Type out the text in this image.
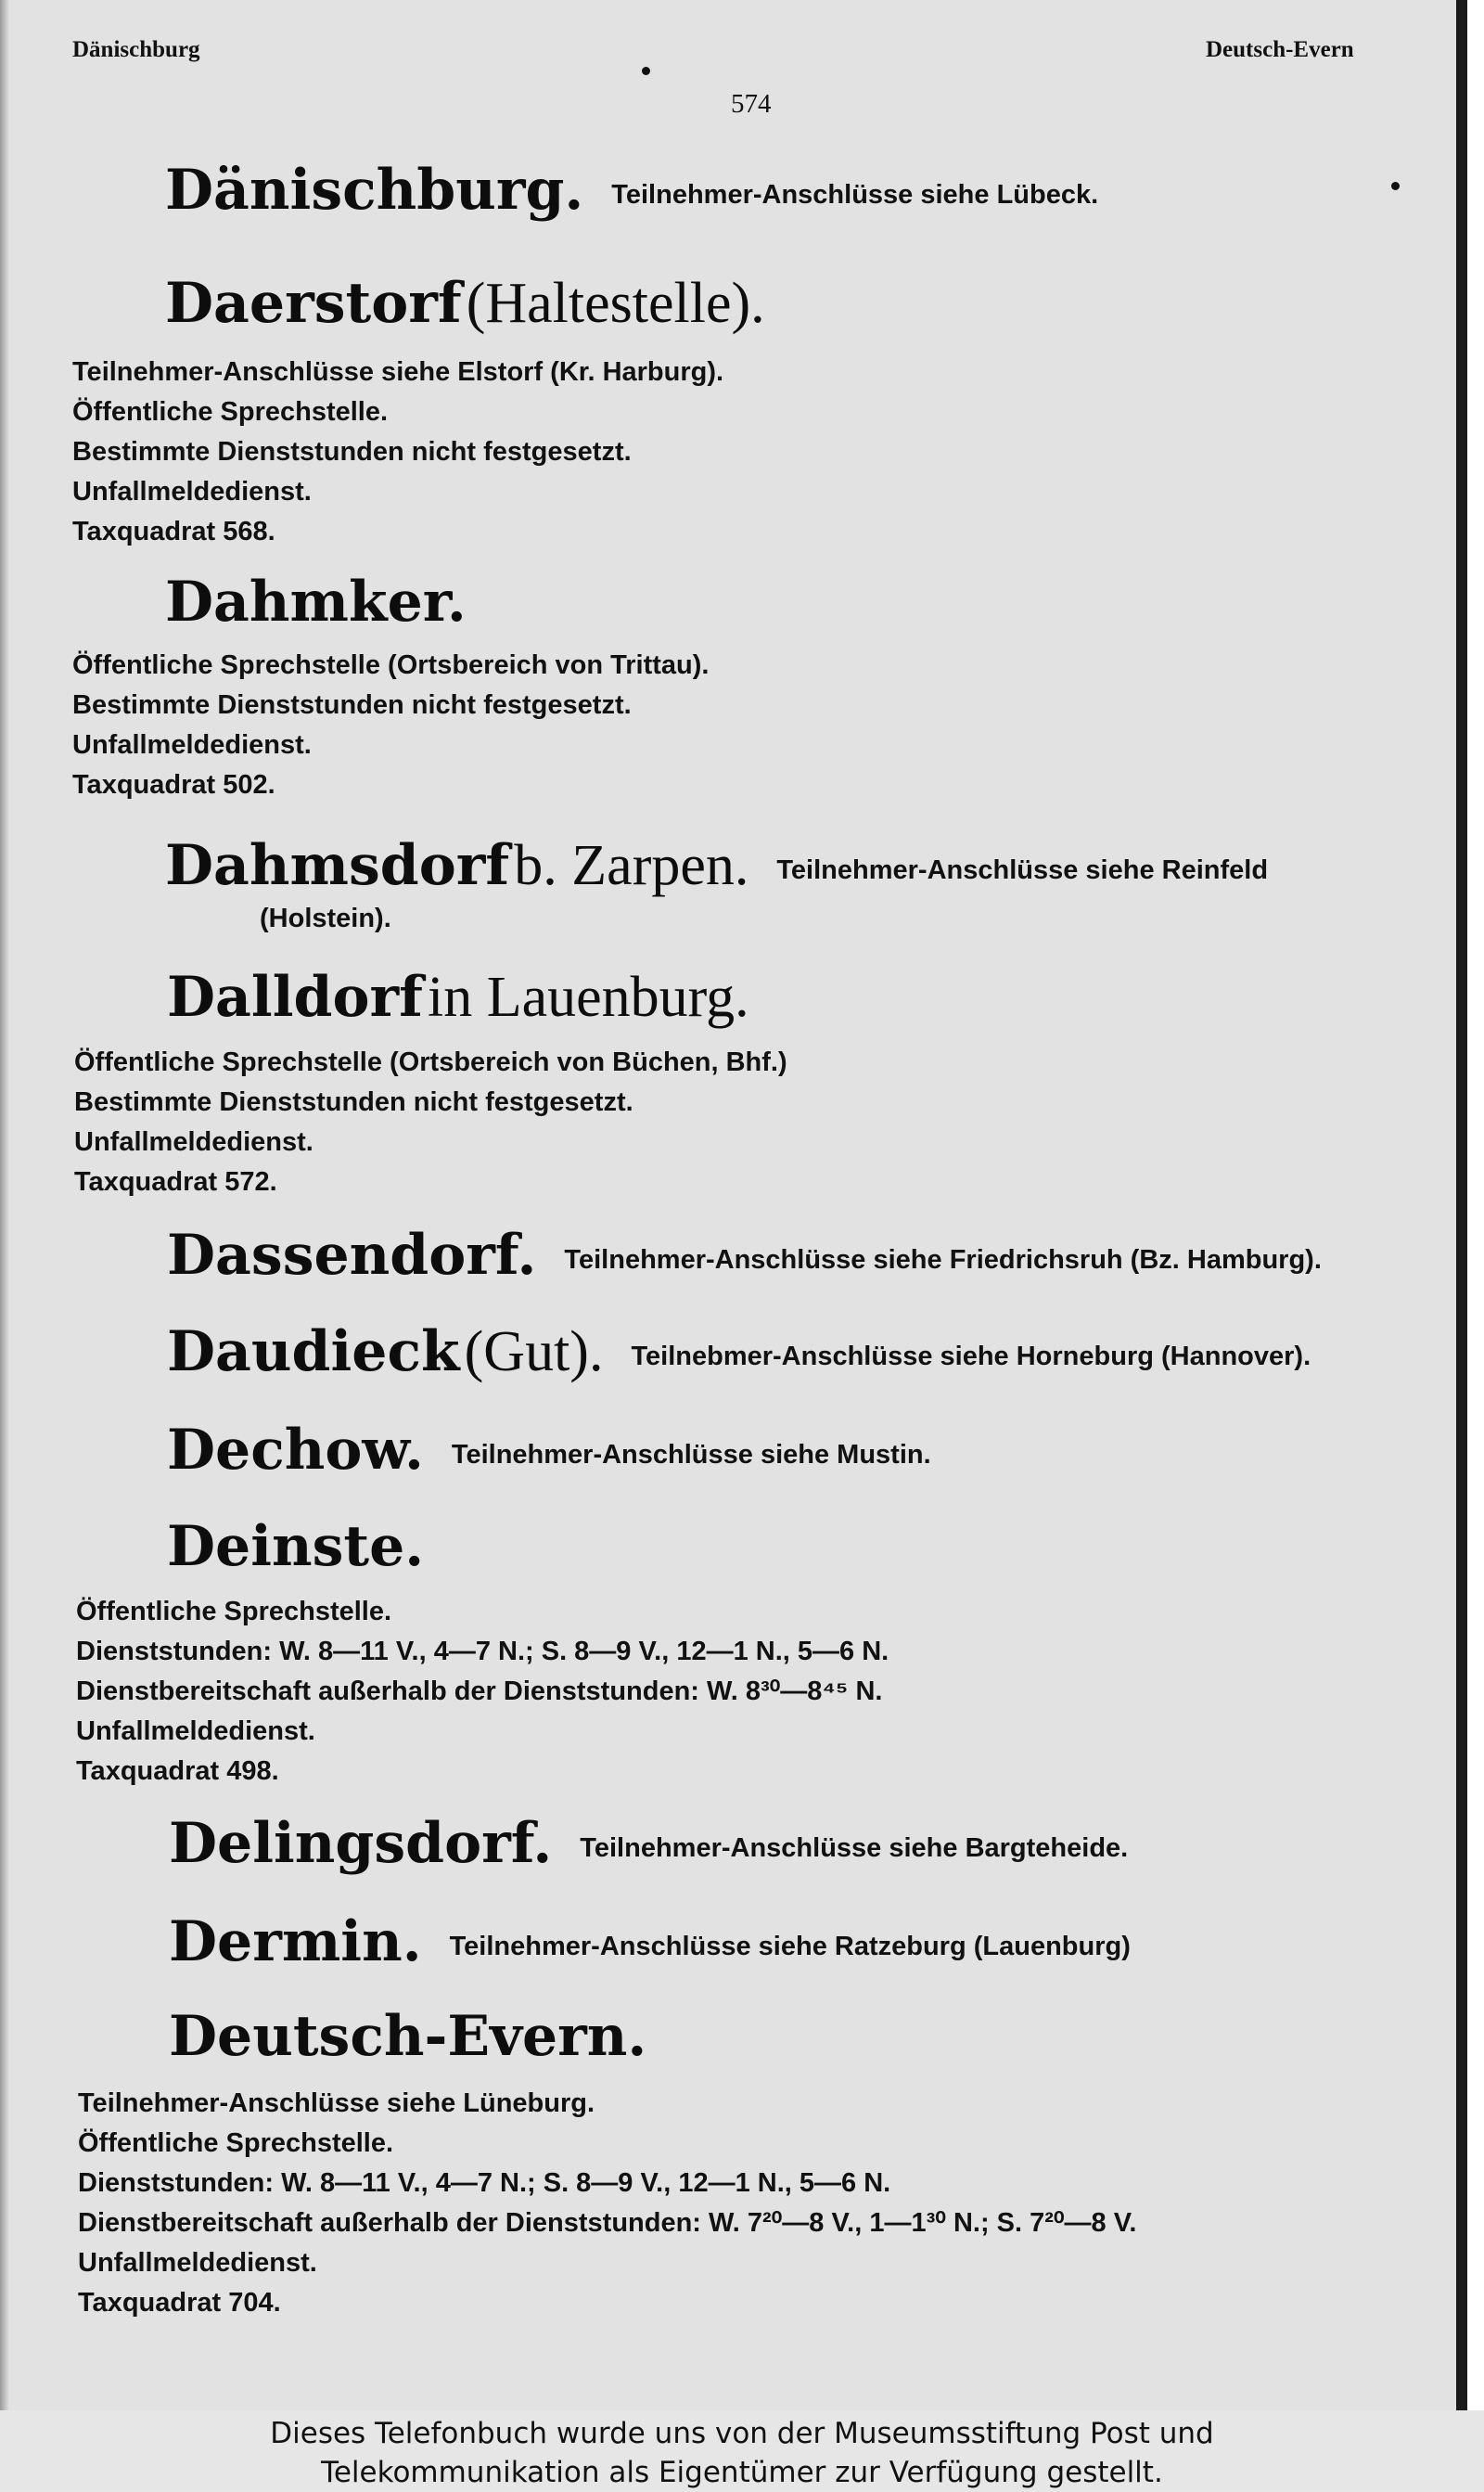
Dänischburg	Deutsch-Evern
574
Dänischburg. Teilnehmer-Anschlüsse siehe Lübeck.
Daerstorf (Haltestelle).
Teilnehmer-Anschlüsse siehe Elstorf (Kr. Harburg).
Öffentliche Sprechstelle.
Bestimmte Dienststunden nicht festgesetzt.
Unfallmeldedienst.
Taxquadrat 568.
Dahmker.
Öffentliche Sprechstelle (Ortsbereich von Trittau).
Bestimmte Dienststunden nicht festgesetzt.
Unfallmeldedienst.
Taxquadrat 502.
Dahmsdorf b. Zarpen. Teilnehmer-Anschlüsse siehe Reinfeld
(Holstein).
Dalldorf in Lauenburg.
Öffentliche Sprechstelle (Ortsbereich von Büchen, Bhf.)
Bestimmte Dienststunden nicht festgesetzt.
Unfallmeldedienst.
Taxquadrat 572.
Dassendorf. Teilnehmer-Anschlüsse siehe Friedrichsruh (Bz. Hamburg).
Daudieck (Gut). Teilnebmer-Anschlüsse siehe Horneburg (Hannover).
Dechow. Teilnehmer-Anschlüsse siehe Mustin.
Deinste.
Öffentliche Sprechstelle.
Dienststunden: W. 8—11 V., 4—7 N.; S. 8—9 V., 12—1 N., 5—6 N.
Dienstbereitschaft außerhalb der Dienststunden: W. 8³⁰—8⁴⁵ N.
Unfallmeldedienst.
Taxquadrat 498.
Delingsdorf. Teilnehmer-Anschlüsse siehe Bargteheide.
Dermin. Teilnehmer-Anschlüsse siehe Ratzeburg (Lauenburg)
Deutsch-Evern.
Teilnehmer-Anschlüsse siehe Lüneburg.
Öffentliche Sprechstelle.
Dienststunden: W. 8—11 V., 4—7 N.; S. 8—9 V., 12—1 N., 5—6 N.
Dienstbereitschaft außerhalb der Dienststunden: W. 7²⁰—8 V., 1—1³⁰ N.; S. 7²⁰—8 V.
Unfallmeldedienst.
Taxquadrat 704.
Dieses Telefonbuch wurde uns von der Museumsstiftung Post und
Telekommunikation als Eigentümer zur Verfügung gestellt.
